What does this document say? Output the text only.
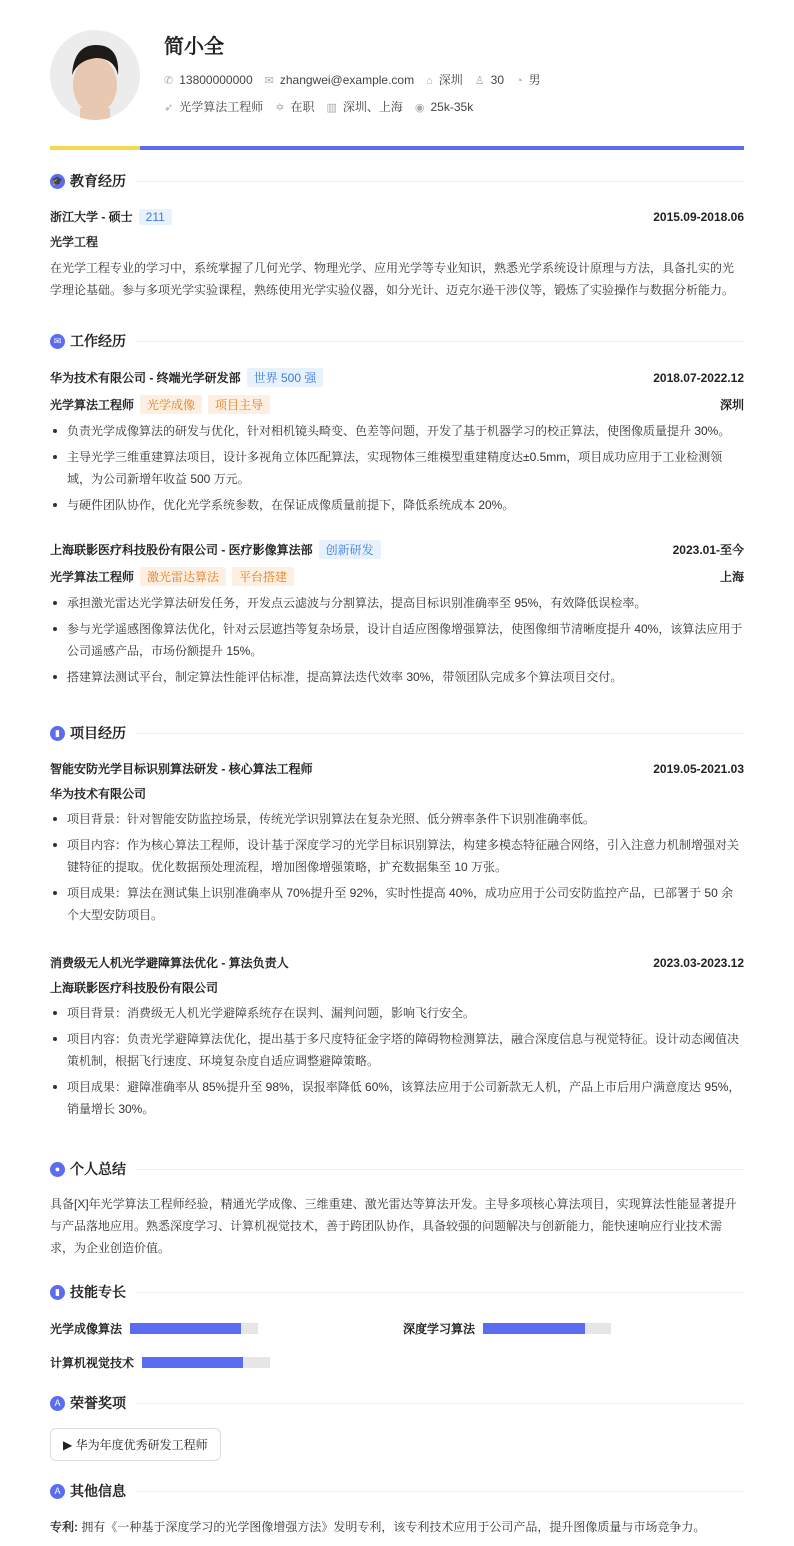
简小全
✆ 13800000000 ✉ zhangwei@example.com ⌂ 深圳 ♙ 30 ◔ 男
➶ 光学算法工程师 ✡ 在职 ▥ 深圳、上海 ◉ 25k-35k
🎓 教育经历
浙江大学 - 硕士 211	2015.09-2018.06
光学工程

在光学工程专业的学习中，系统掌握了几何光学、物理光学、应用光学等专业知识，熟悉光学系统设计原理与方法，具备扎实的光学理论基础。参与多项光学实验课程，熟练使用光学实验仪器，如分光计、迈克尔逊干涉仪等，锻炼了实验操作与数据分析能力。

✉ 工作经历
华为技术有限公司 - 终端光学研发部 世界 500 强	2018.07-2022.12
光学算法工程师 光学成像 项目主导	深圳
负责光学成像算法的研发与优化，针对相机镜头畸变、色差等问题，开发了基于机器学习的校正算法，使图像质量提升 30%。
主导光学三维重建算法项目，设计多视角立体匹配算法，实现物体三维模型重建精度达±0.5mm，项目成功应用于工业检测领域，为公司新增年收益 500 万元。
与硬件团队协作，优化光学系统参数，在保证成像质量前提下，降低系统成本 20%。
上海联影医疗科技股份有限公司 - 医疗影像算法部 创新研发	2023.01-至今
光学算法工程师 激光雷达算法 平台搭建	上海
承担激光雷达光学算法研发任务，开发点云滤波与分割算法，提高目标识别准确率至 95%，有效降低误检率。
参与光学遥感图像算法优化，针对云层遮挡等复杂场景，设计自适应图像增强算法，使图像细节清晰度提升 40%，该算法应用于公司遥感产品，市场份额提升 15%。
搭建算法测试平台，制定算法性能评估标准，提高算法迭代效率 30%，带领团队完成多个算法项目交付。
▮ 项目经历
智能安防光学目标识别算法研发 - 核心算法工程师	2019.05-2021.03
华为技术有限公司
项目背景：针对智能安防监控场景，传统光学识别算法在复杂光照、低分辨率条件下识别准确率低。
项目内容：作为核心算法工程师，设计基于深度学习的光学目标识别算法，构建多模态特征融合网络，引入注意力机制增强对关键特征的提取。优化数据预处理流程，增加图像增强策略，扩充数据集至 10 万张。
项目成果：算法在测试集上识别准确率从 70%提升至 92%，实时性提高 40%，成功应用于公司安防监控产品，已部署于 50 余个大型安防项目。
消费级无人机光学避障算法优化 - 算法负责人	2023.03-2023.12
上海联影医疗科技股份有限公司
项目背景：消费级无人机光学避障系统存在误判、漏判问题，影响飞行安全。
项目内容：负责光学避障算法优化，提出基于多尺度特征金字塔的障碍物检测算法，融合深度信息与视觉特征。设计动态阈值决策机制，根据飞行速度、环境复杂度自适应调整避障策略。
项目成果：避障准确率从 85%提升至 98%，误报率降低 60%，该算法应用于公司新款无人机，产品上市后用户满意度达 95%，销量增长 30%。
● 个人总结

具备[X]年光学算法工程师经验，精通光学成像、三维重建、激光雷达等算法开发。主导多项核心算法项目，实现算法性能显著提升与产品落地应用。熟悉深度学习、计算机视觉技术，善于跨团队协作，具备较强的问题解决与创新能力，能快速响应行业技术需求，为企业创造价值。

▮ 技能专长
光学成像算法	深度学习算法
计算机视觉技术
A 荣誉奖项
▶ 华为年度优秀研发工程师
A 其他信息

专利: 拥有《一种基于深度学习的光学图像增强方法》发明专利，该专利技术应用于公司产品，提升图像质量与市场竞争力。
